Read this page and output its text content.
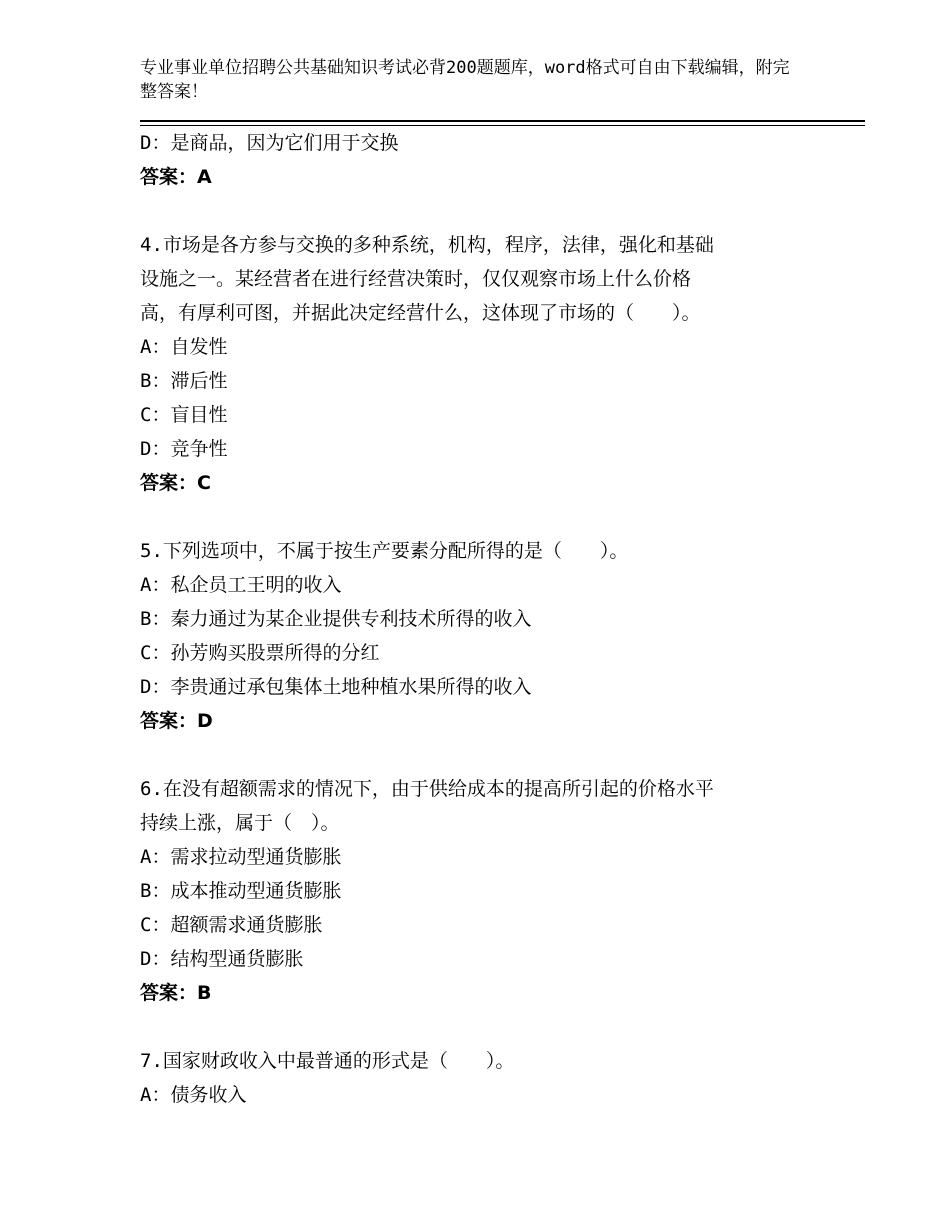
专业事业单位招聘公共基础知识考试必背200题题库，word格式可自由下载编辑，附完整答案！
D：是商品，因为它们用于交换
答案：A
4.市场是各方参与交换的多种系统，机构，程序，法律，强化和基础
设施之一。某经营者在进行经营决策时，仅仅观察市场上什么价格
高，有厚利可图，并据此决定经营什么，这体现了市场的（　　）。
A：自发性
B：滞后性
C：盲目性
D：竞争性
答案：C
5.下列选项中，不属于按生产要素分配所得的是（　　）。
A：私企员工王明的收入
B：秦力通过为某企业提供专利技术所得的收入
C：孙芳购买股票所得的分红
D：李贵通过承包集体土地种植水果所得的收入
答案：D
6.在没有超额需求的情况下，由于供给成本的提高所引起的价格水平
持续上涨，属于（　）。
A：需求拉动型通货膨胀
B：成本推动型通货膨胀
C：超额需求通货膨胀
D：结构型通货膨胀
答案：B
7.国家财政收入中最普通的形式是（　　）。
A：债务收入
